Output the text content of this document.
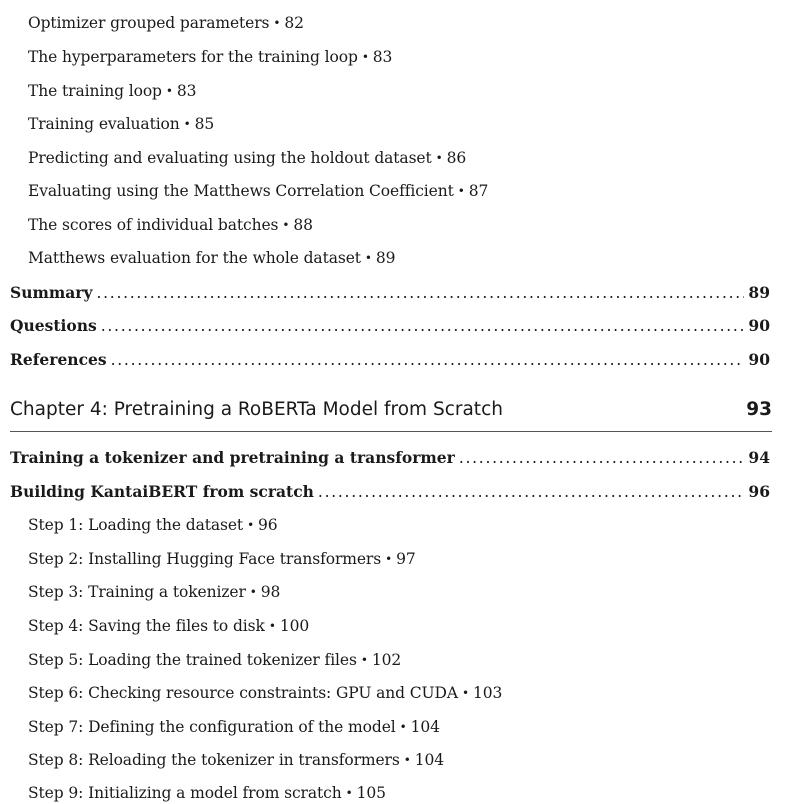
Optimizer grouped parameters • 82
The hyperparameters for the training loop • 83
The training loop • 83
Training evaluation • 85
Predicting and evaluating using the holdout dataset • 86
Evaluating using the Matthews Correlation Coefficient • 87
The scores of individual batches • 88
Matthews evaluation for the whole dataset • 89
Summary . . .	89
Questions . . .	90
References . . .	90
Chapter 4: Pretraining a RoBERTa Model from Scratch	93
Training a tokenizer and pretraining a transformer . . .	94
Building KantaiBERT from scratch . . .	96
Step 1: Loading the dataset • 96
Step 2: Installing Hugging Face transformers • 97
Step 3: Training a tokenizer • 98
Step 4: Saving the files to disk • 100
Step 5: Loading the trained tokenizer files • 102
Step 6: Checking resource constraints: GPU and CUDA • 103
Step 7: Defining the configuration of the model • 104
Step 8: Reloading the tokenizer in transformers • 104
Step 9: Initializing a model from scratch • 105
